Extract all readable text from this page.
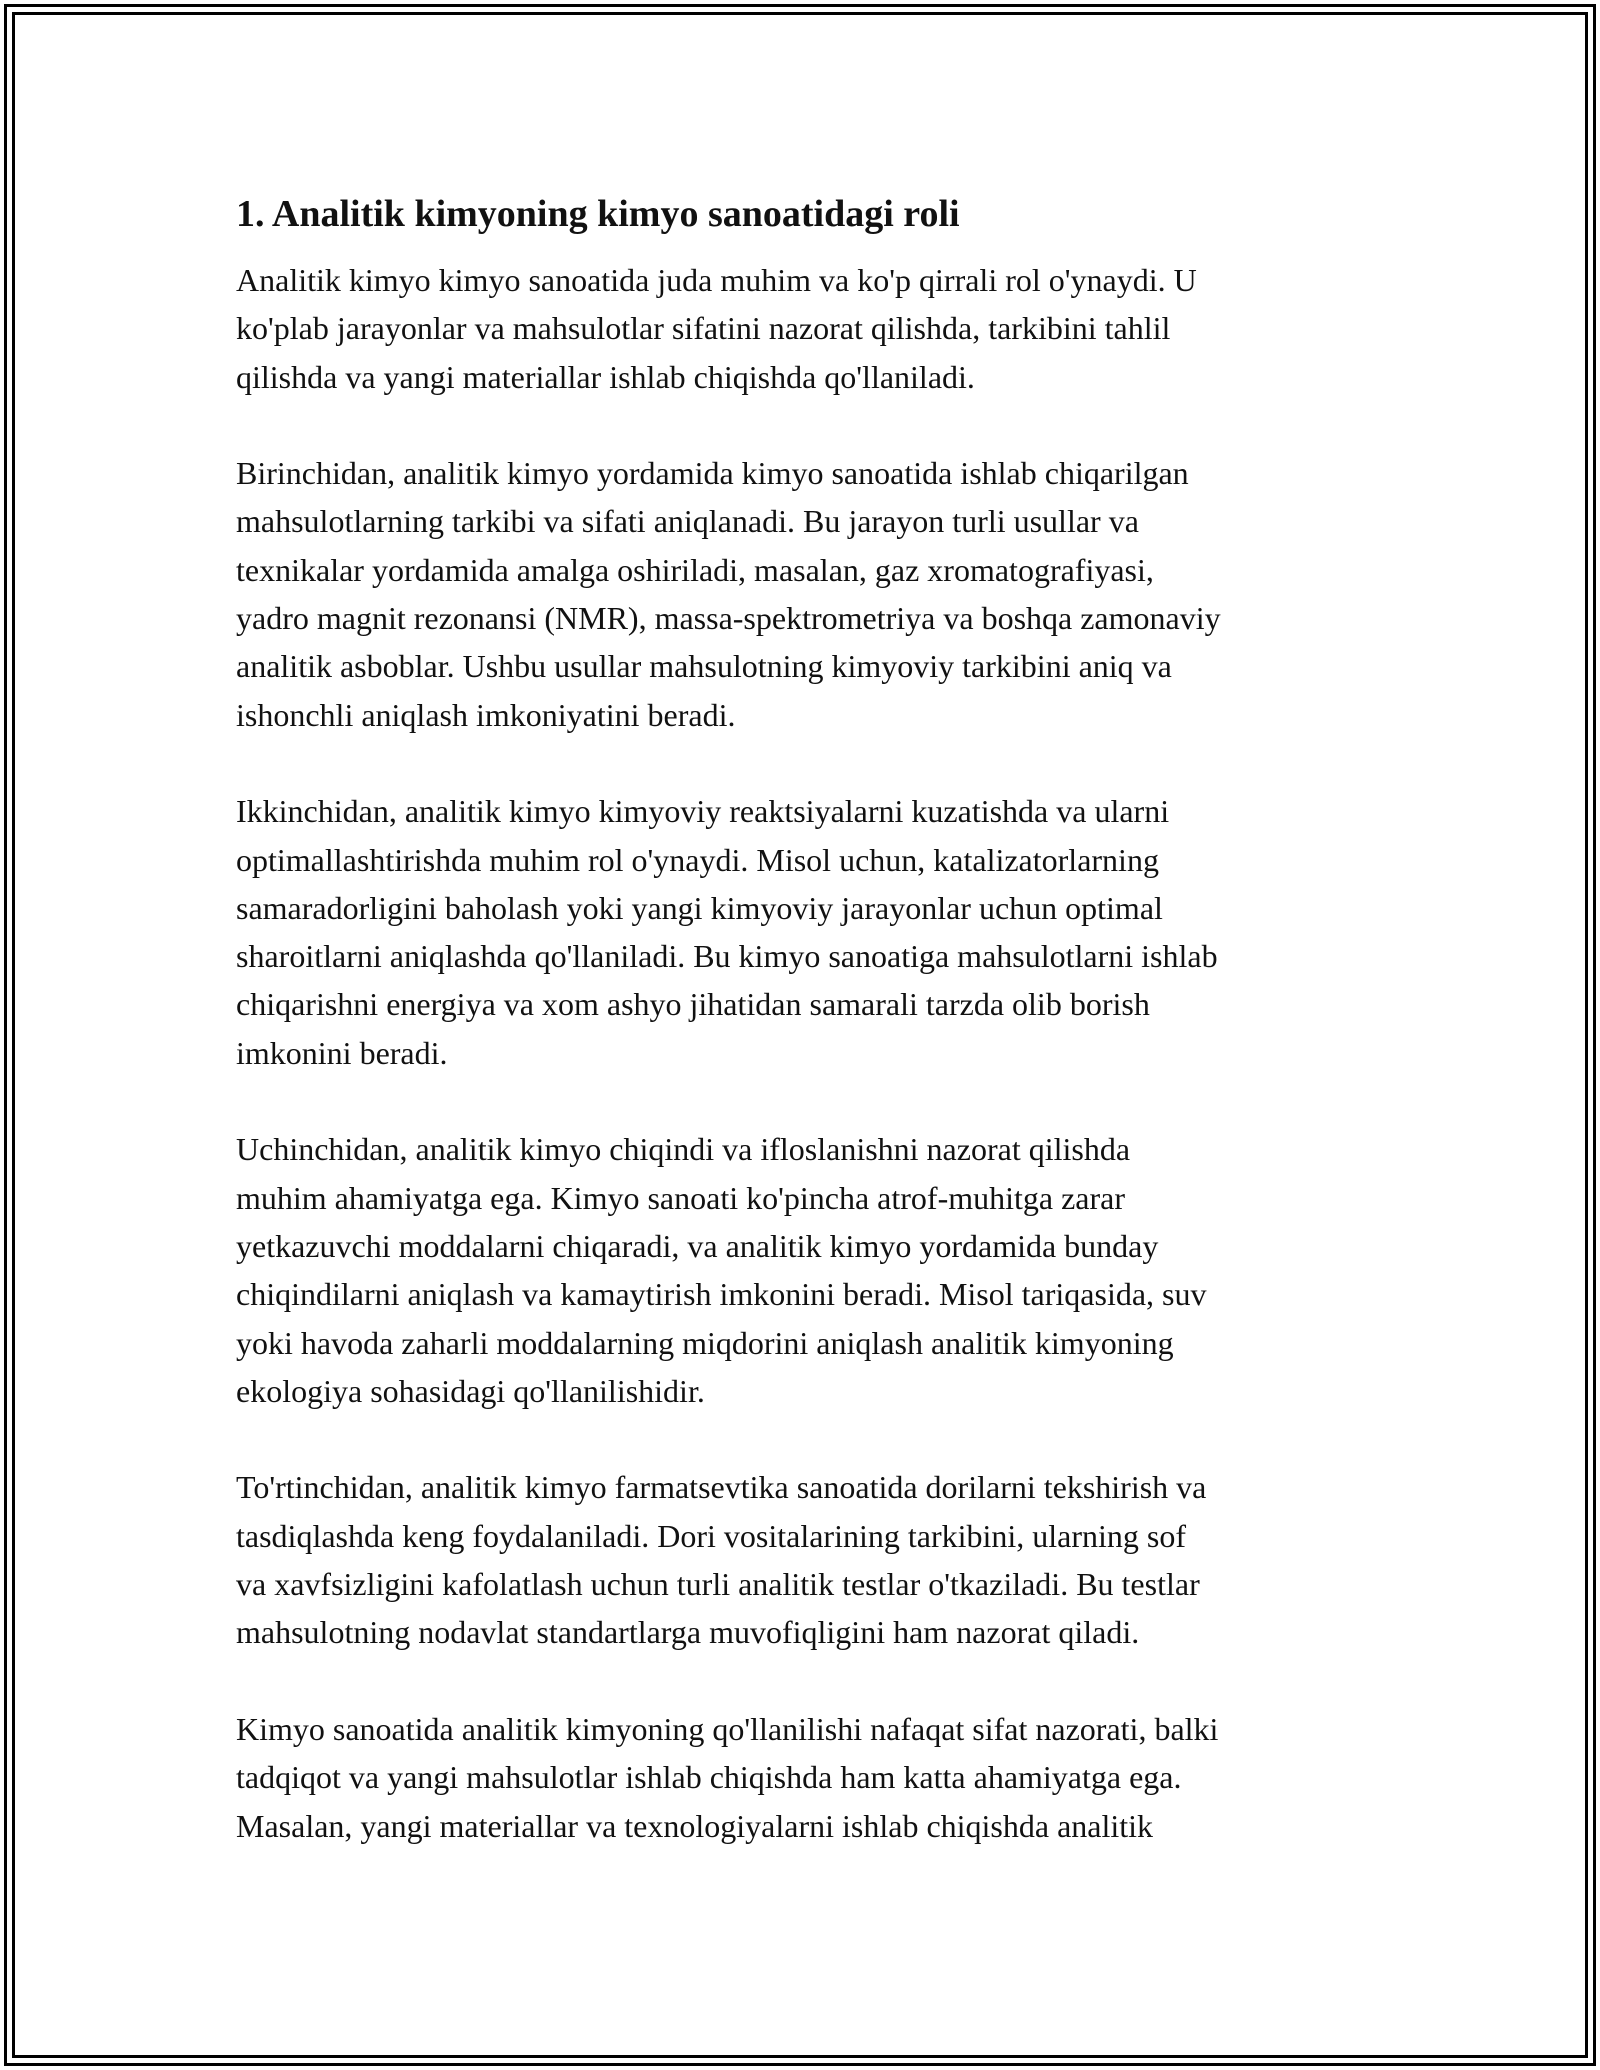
1. Analitik kimyoning kimyo sanoatidagi roli

Analitik kimyo kimyo sanoatida juda muhim va ko'p qirrali rol o'ynaydi. U
ko'plab jarayonlar va mahsulotlar sifatini nazorat qilishda, tarkibini tahlil
qilishda va yangi materiallar ishlab chiqishda qo'llaniladi.

Birinchidan, analitik kimyo yordamida kimyo sanoatida ishlab chiqarilgan
mahsulotlarning tarkibi va sifati aniqlanadi. Bu jarayon turli usullar va
texnikalar yordamida amalga oshiriladi, masalan, gaz xromatografiyasi,
yadro magnit rezonansi (NMR), massa-spektrometriya va boshqa zamonaviy
analitik asboblar. Ushbu usullar mahsulotning kimyoviy tarkibini aniq va
ishonchli aniqlash imkoniyatini beradi.

Ikkinchidan, analitik kimyo kimyoviy reaktsiyalarni kuzatishda va ularni
optimallashtirishda muhim rol o'ynaydi. Misol uchun, katalizatorlarning
samaradorligini baholash yoki yangi kimyoviy jarayonlar uchun optimal
sharoitlarni aniqlashda qo'llaniladi. Bu kimyo sanoatiga mahsulotlarni ishlab
chiqarishni energiya va xom ashyo jihatidan samarali tarzda olib borish
imkonini beradi.

Uchinchidan, analitik kimyo chiqindi va ifloslanishni nazorat qilishda
muhim ahamiyatga ega. Kimyo sanoati ko'pincha atrof-muhitga zarar
yetkazuvchi moddalarni chiqaradi, va analitik kimyo yordamida bunday
chiqindilarni aniqlash va kamaytirish imkonini beradi. Misol tariqasida, suv
yoki havoda zaharli moddalarning miqdorini aniqlash analitik kimyoning
ekologiya sohasidagi qo'llanilishidir.

To'rtinchidan, analitik kimyo farmatsevtika sanoatida dorilarni tekshirish va
tasdiqlashda keng foydalaniladi. Dori vositalarining tarkibini, ularning sof
va xavfsizligini kafolatlash uchun turli analitik testlar o'tkaziladi. Bu testlar
mahsulotning nodavlat standartlarga muvofiqligini ham nazorat qiladi.

Kimyo sanoatida analitik kimyoning qo'llanilishi nafaqat sifat nazorati, balki
tadqiqot va yangi mahsulotlar ishlab chiqishda ham katta ahamiyatga ega.
Masalan, yangi materiallar va texnologiyalarni ishlab chiqishda analitik
